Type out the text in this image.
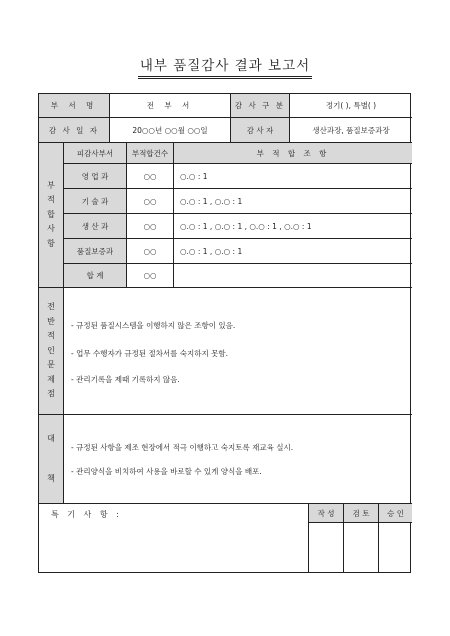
내부 품질감사 결과 보고서
부 서 명	전 부 서	감 사 구 분	정기( ), 특별( )
감 사 일 자	20○○년 ○○월 ○○일	감 사 자	생산과장, 품질보증과장
부
적
합
사
항
피감사부서	부적합건수	부 적 합 조 항
영 업 과	○○	○.○ : 1
기 술 과	○○	○.○ : 1 , ○.○ : 1
생 산 과	○○	○.○ : 1 , ○.○ : 1 , ○.○ : 1 , ○.○ : 1
품질보증과	○○	○.○ : 1 , ○.○ : 1
합 계	○○
전
반
적
인
문
제
점
- 규정된 품질시스템을 이행하지 않은 조항이 있음.
- 업무 수행자가 규정된 절차서를 숙지하지 못함.
- 관리기록을 제때 기록하지 않음.
대
책
- 규정된 사항을 제조 현장에서 적극 이행하고 숙지토록 재교육 실시.
- 관리양식을 비치하여 사용을 바로할 수 있게 양식을 배포.
특 기 사 항 :	작 성	검 토	승 인
